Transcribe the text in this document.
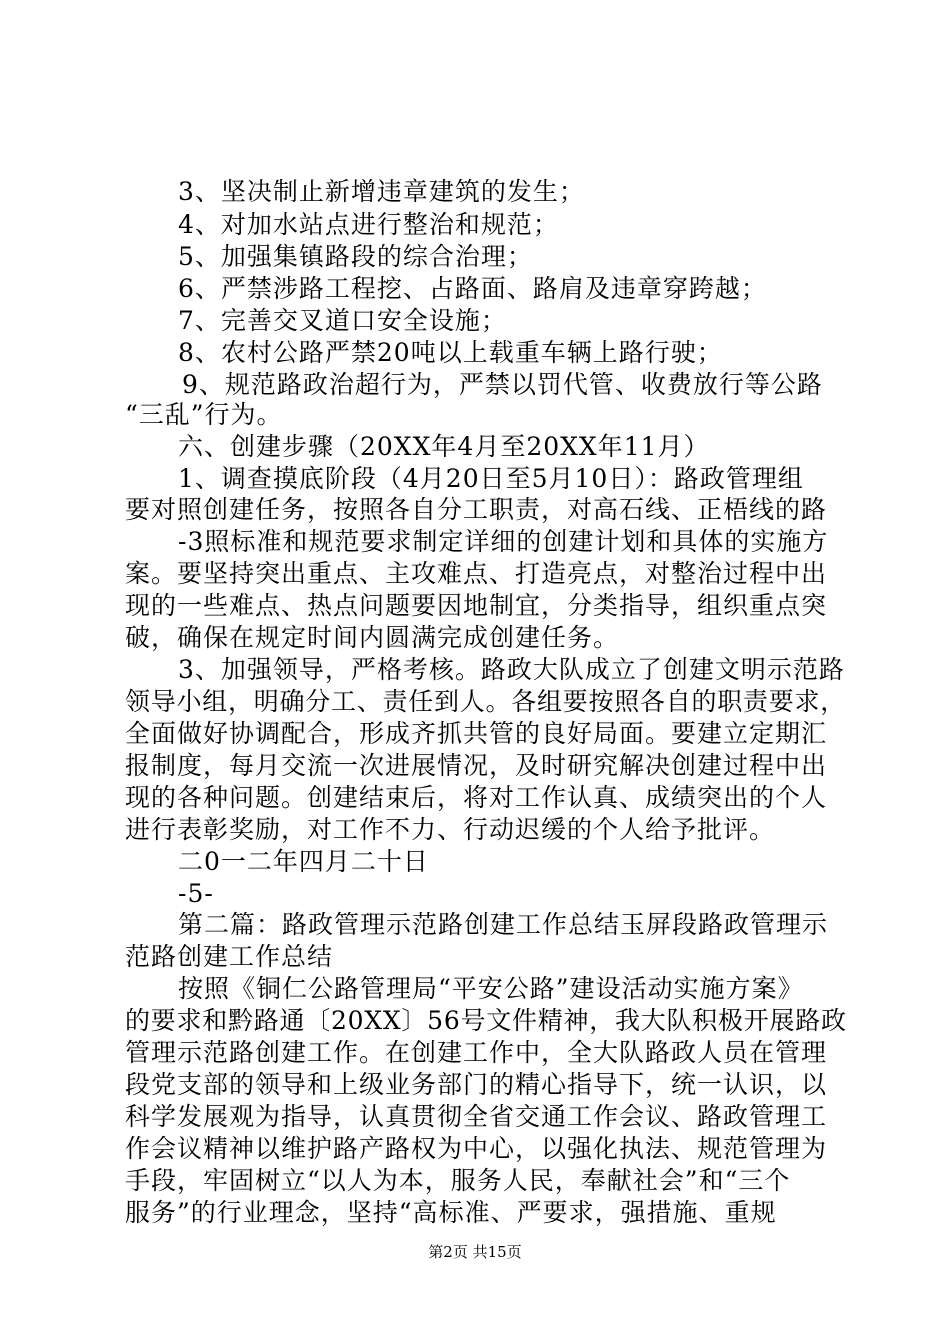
3、坚决制止新增违章建筑的发生；
4、对加水站点进行整治和规范；
5、加强集镇路段的综合治理；
6、严禁涉路工程挖、占路面、路肩及违章穿跨越；
7、完善交叉道口安全设施；
8、农村公路严禁20吨以上载重车辆上路行驶；
9、规范路政治超行为，严禁以罚代管、收费放行等公路
“三乱”行为。
六、创建步骤（20XX年4月至20XX年11月）
1、调查摸底阶段（4月20日至5月10日）：路政管理组
要对照创建任务，按照各自分工职责，对高石线、正梧线的路
-3照标准和规范要求制定详细的创建计划和具体的实施方
案。要坚持突出重点、主攻难点、打造亮点，对整治过程中出
现的一些难点、热点问题要因地制宜，分类指导，组织重点突
破，确保在规定时间内圆满完成创建任务。
3、加强领导，严格考核。路政大队成立了创建文明示范路
领导小组，明确分工、责任到人。各组要按照各自的职责要求，
全面做好协调配合，形成齐抓共管的良好局面。要建立定期汇
报制度，每月交流一次进展情况，及时研究解决创建过程中出
现的各种问题。创建结束后，将对工作认真、成绩突出的个人
进行表彰奖励，对工作不力、行动迟缓的个人给予批评。
二0一二年四月二十日
-5-
第二篇：路政管理示范路创建工作总结玉屏段路政管理示
范路创建工作总结
按照《铜仁公路管理局“平安公路”建设活动实施方案》
的要求和黔路通〔20XX〕56号文件精神，我大队积极开展路政
管理示范路创建工作。在创建工作中，全大队路政人员在管理
段党支部的领导和上级业务部门的精心指导下，统一认识，以
科学发展观为指导，认真贯彻全省交通工作会议、路政管理工
作会议精神以维护路产路权为中心，以强化执法、规范管理为
手段，牢固树立“以人为本，服务人民，奉献社会”和“三个
服务”的行业理念，坚持“高标准、严要求，强措施、重规
第2页 共15页
